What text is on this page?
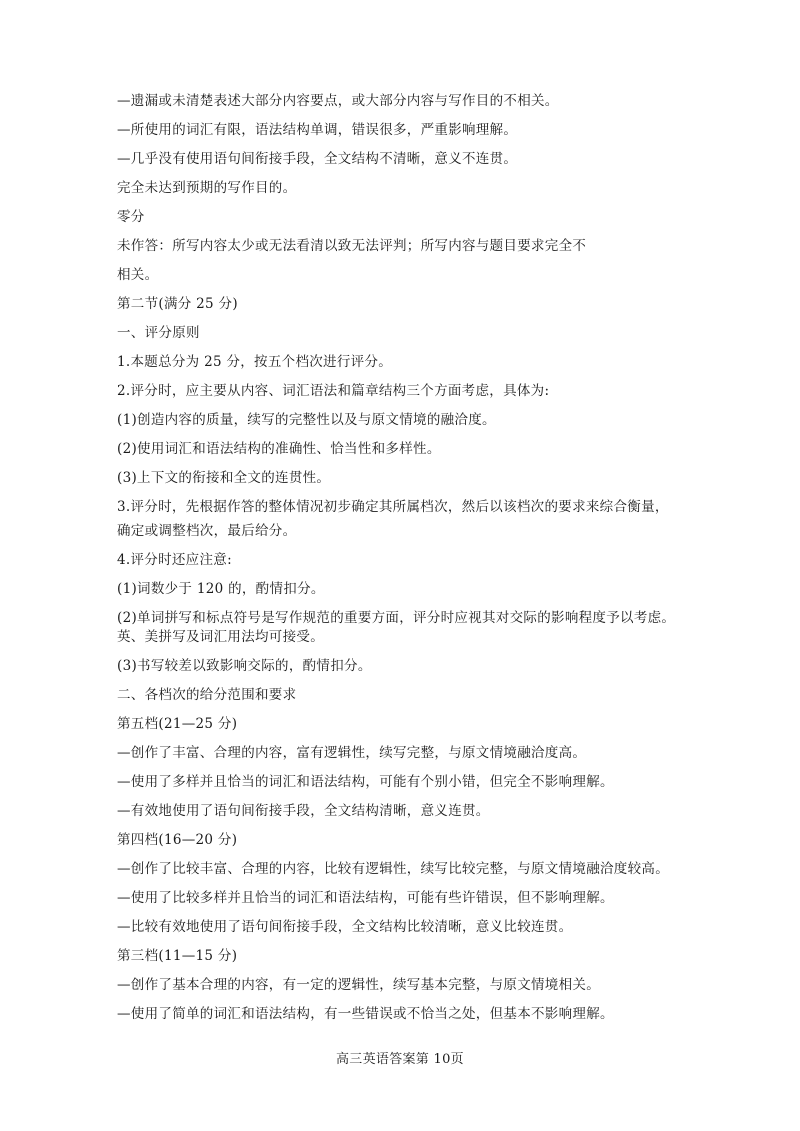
—遗漏或未清楚表述大部分内容要点，或大部分内容与写作目的不相关。

—所使用的词汇有限，语法结构单调，错误很多，严重影响理解。

—几乎没有使用语句间衔接手段，全文结构不清晰，意义不连贯。

完全未达到预期的写作目的。

零分

未作答：所写内容太少或无法看清以致无法评判；所写内容与题目要求完全不

相关。

第二节(满分 25 分)

一、评分原则

1.本题总分为 25 分，按五个档次进行评分。

2.评分时，应主要从内容、词汇语法和篇章结构三个方面考虑，具体为:

(1)创造内容的质量，续写的完整性以及与原文情境的融洽度。

(2)使用词汇和语法结构的准确性、恰当性和多样性。

(3)上下文的衔接和全文的连贯性。

3.评分时，先根据作答的整体情况初步确定其所属档次，然后以该档次的要求来综合衡量，

确定或调整档次，最后给分。

4.评分时还应注意:

(1)词数少于 120 的，酌情扣分。

(2)单词拼写和标点符号是写作规范的重要方面，评分时应视其对交际的影响程度予以考虑。

英、美拼写及词汇用法均可接受。

(3)书写较差以致影响交际的，酌情扣分。

二、各档次的给分范围和要求

第五档(21—25 分)

—创作了丰富、合理的内容，富有逻辑性，续写完整，与原文情境融洽度高。

—使用了多样并且恰当的词汇和语法结构，可能有个别小错，但完全不影响理解。

—有效地使用了语句间衔接手段，全文结构清晰，意义连贯。

第四档(16—20 分)

—创作了比较丰富、合理的内容，比较有逻辑性，续写比较完整，与原文情境融洽度较高。

—使用了比较多样并且恰当的词汇和语法结构，可能有些许错误，但不影响理解。

—比较有效地使用了语句间衔接手段，全文结构比较清晰，意义比较连贯。

第三档(11—15 分)

—创作了基本合理的内容，有一定的逻辑性，续写基本完整，与原文情境相关。

—使用了简单的词汇和语法结构，有一些错误或不恰当之处，但基本不影响理解。

高三英语答案第 10页
